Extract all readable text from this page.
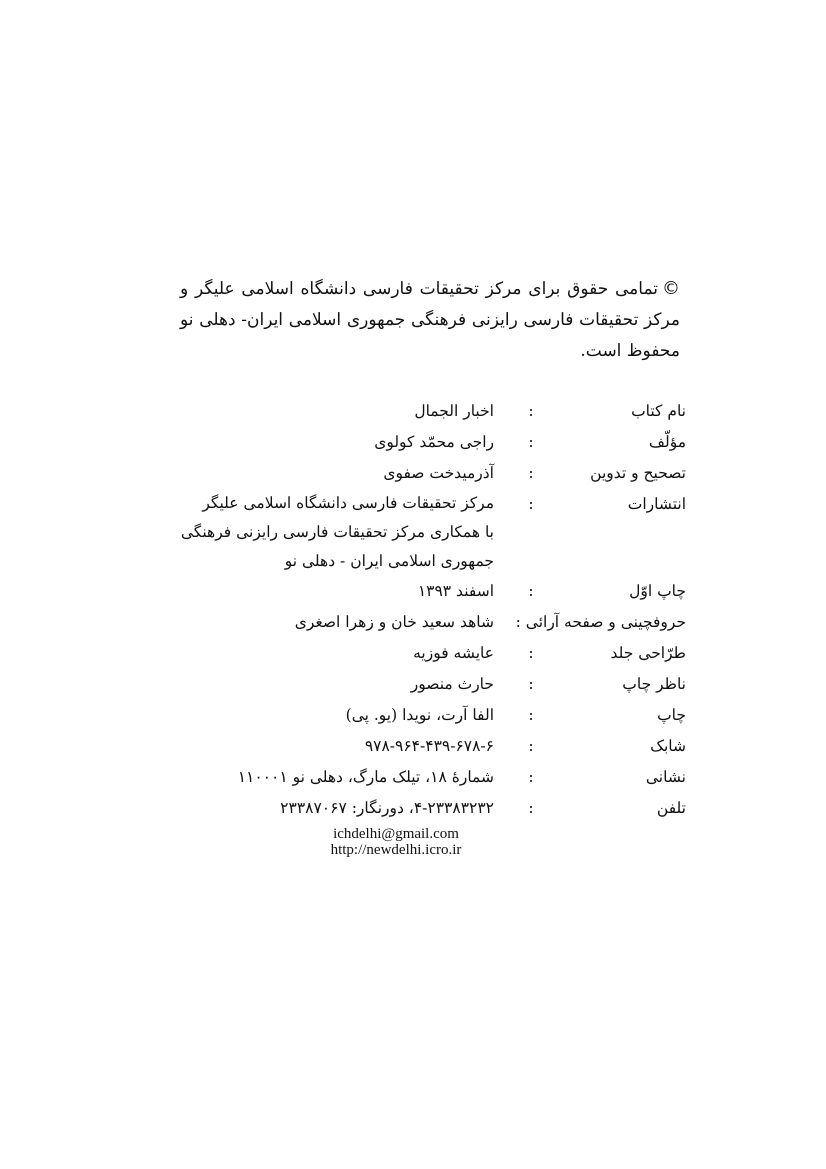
©تمامی حقوق برای مرکز تحقیقات فارسی دانشگاه اسلامی علیگر و مرکز تحقیقات فارسی رایزنی فرهنگی جمهوری اسلامی ایران- دهلی نو محفوظ است.
نام کتاب
:
اخبار الجمال
مؤلّف
:
راجی محمّد کولوی
تصحیح و تدوین
:
آذرمیدخت صفوی
انتشارات
:
مرکز تحقیقات فارسی دانشگاه اسلامی علیگر
با همکاری مرکز تحقیقات فارسی رایزنی فرهنگی
جمهوری اسلامی ایران - دهلی نو
چاپ اوّل
:
اسفند ۱۳۹۳
حروفچینی و صفحه آرائی :
شاهد سعید خان و زهرا اصغری
طرّاحی جلد
:
عایشه فوزیه
ناظر چاپ
:
حارث منصور
چاپ
:
الفا آرت، نویدا (یو. پی)
شابک
:
۹۷۸-۹۶۴-۴۳۹-۶۷۸-۶
نشانی
:
شمارهٔ ۱۸، تیلک مارگ، دهلی نو ۱۱۰۰۰۱
تلفن
:
۴-۲۳۳۸۳۲۳۲، دورنگار: ۲۳۳۸۷۰۶۷
ichdelhi@gmail.com
http://newdelhi.icro.ir
